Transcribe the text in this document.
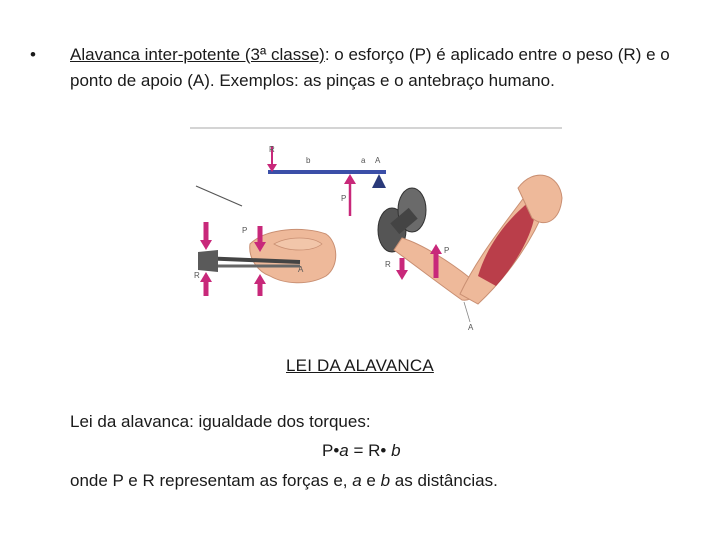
• Alavanca inter-potente (3ª classe): o esforço (P) é aplicado entre o peso (R) e o ponto de apoio (A). Exemplos: as pinças e o antebraço humano.
R
b	a A
P
P
R
A
P
R
A
LEI DA ALAVANCA
Lei da alavanca: igualdade dos torques:
P•a = R• b
onde P e R representam as forças e, a e b as distâncias.
